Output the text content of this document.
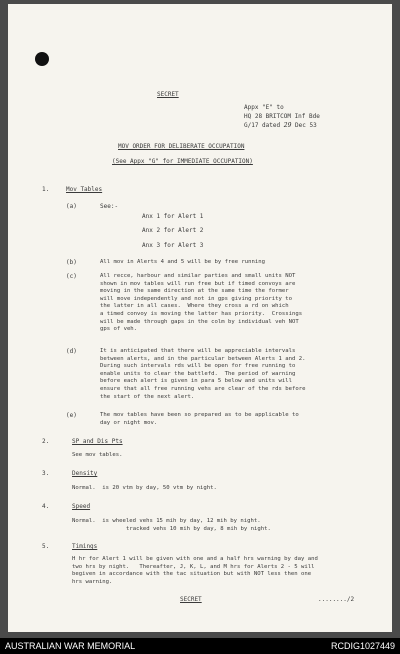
SECRET
Appx "E" to
HQ 28 BRITCOM Inf Bde
G/17 dated 29 Dec 53
MOV ORDER FOR DELIBERATE OCCUPATION
(See Appx "G" for IMMEDIATE OCCUPATION)
1.	Mov Tables
(a)	See:-
Anx 1 for Alert 1
Anx 2 for Alert 2
Anx 3 for Alert 3
(b)	All mov in Alerts 4 and 5 will be by free running
(c)	All recce, harbour and similar parties and small units NOT
shown in mov tables will run free but if timed convoys are
moving in the same direction at the same time the former
will move independently and not in gps giving priority to
the latter in all cases.  Where they cross a rd on which
a timed convoy is moving the latter has priority.  Crossings
will be made through gaps in the colm by individual veh NOT
gps of veh.
(d)	It is anticipated that there will be appreciable intervals
between alerts, and in the particular between Alerts 1 and 2.
During such intervals rds will be open for free running to
enable units to clear the battlefd.  The period of warning
before each alert is given in para 5 below and units will
ensure that all free running vehs are clear of the rds before
the start of the next alert.
(e)	The mov tables have been so prepared as to be applicable to
day or night mov.
2.	SP and Dis Pts
See mov tables.
3.	Density
Normal.  is 20 vtm by day, 50 vtm by night.
4.	Speed
Normal.  is wheeled vehs 15 mih by day, 12 mih by night.
tracked vehs 10 mih by day, 8 mih by night.
5.	Timings
H hr for Alert 1 will be given with one and a half hrs warning by day and
two hrs by night.   Thereafter, J, K, L, and M hrs for Alerts 2 - 5 will
begiven in accordance with the tac situation but with NOT less then one
hrs warning.
SECRET	......../2
AUSTRALIAN WAR MEMORIAL	RCDIG1027449
